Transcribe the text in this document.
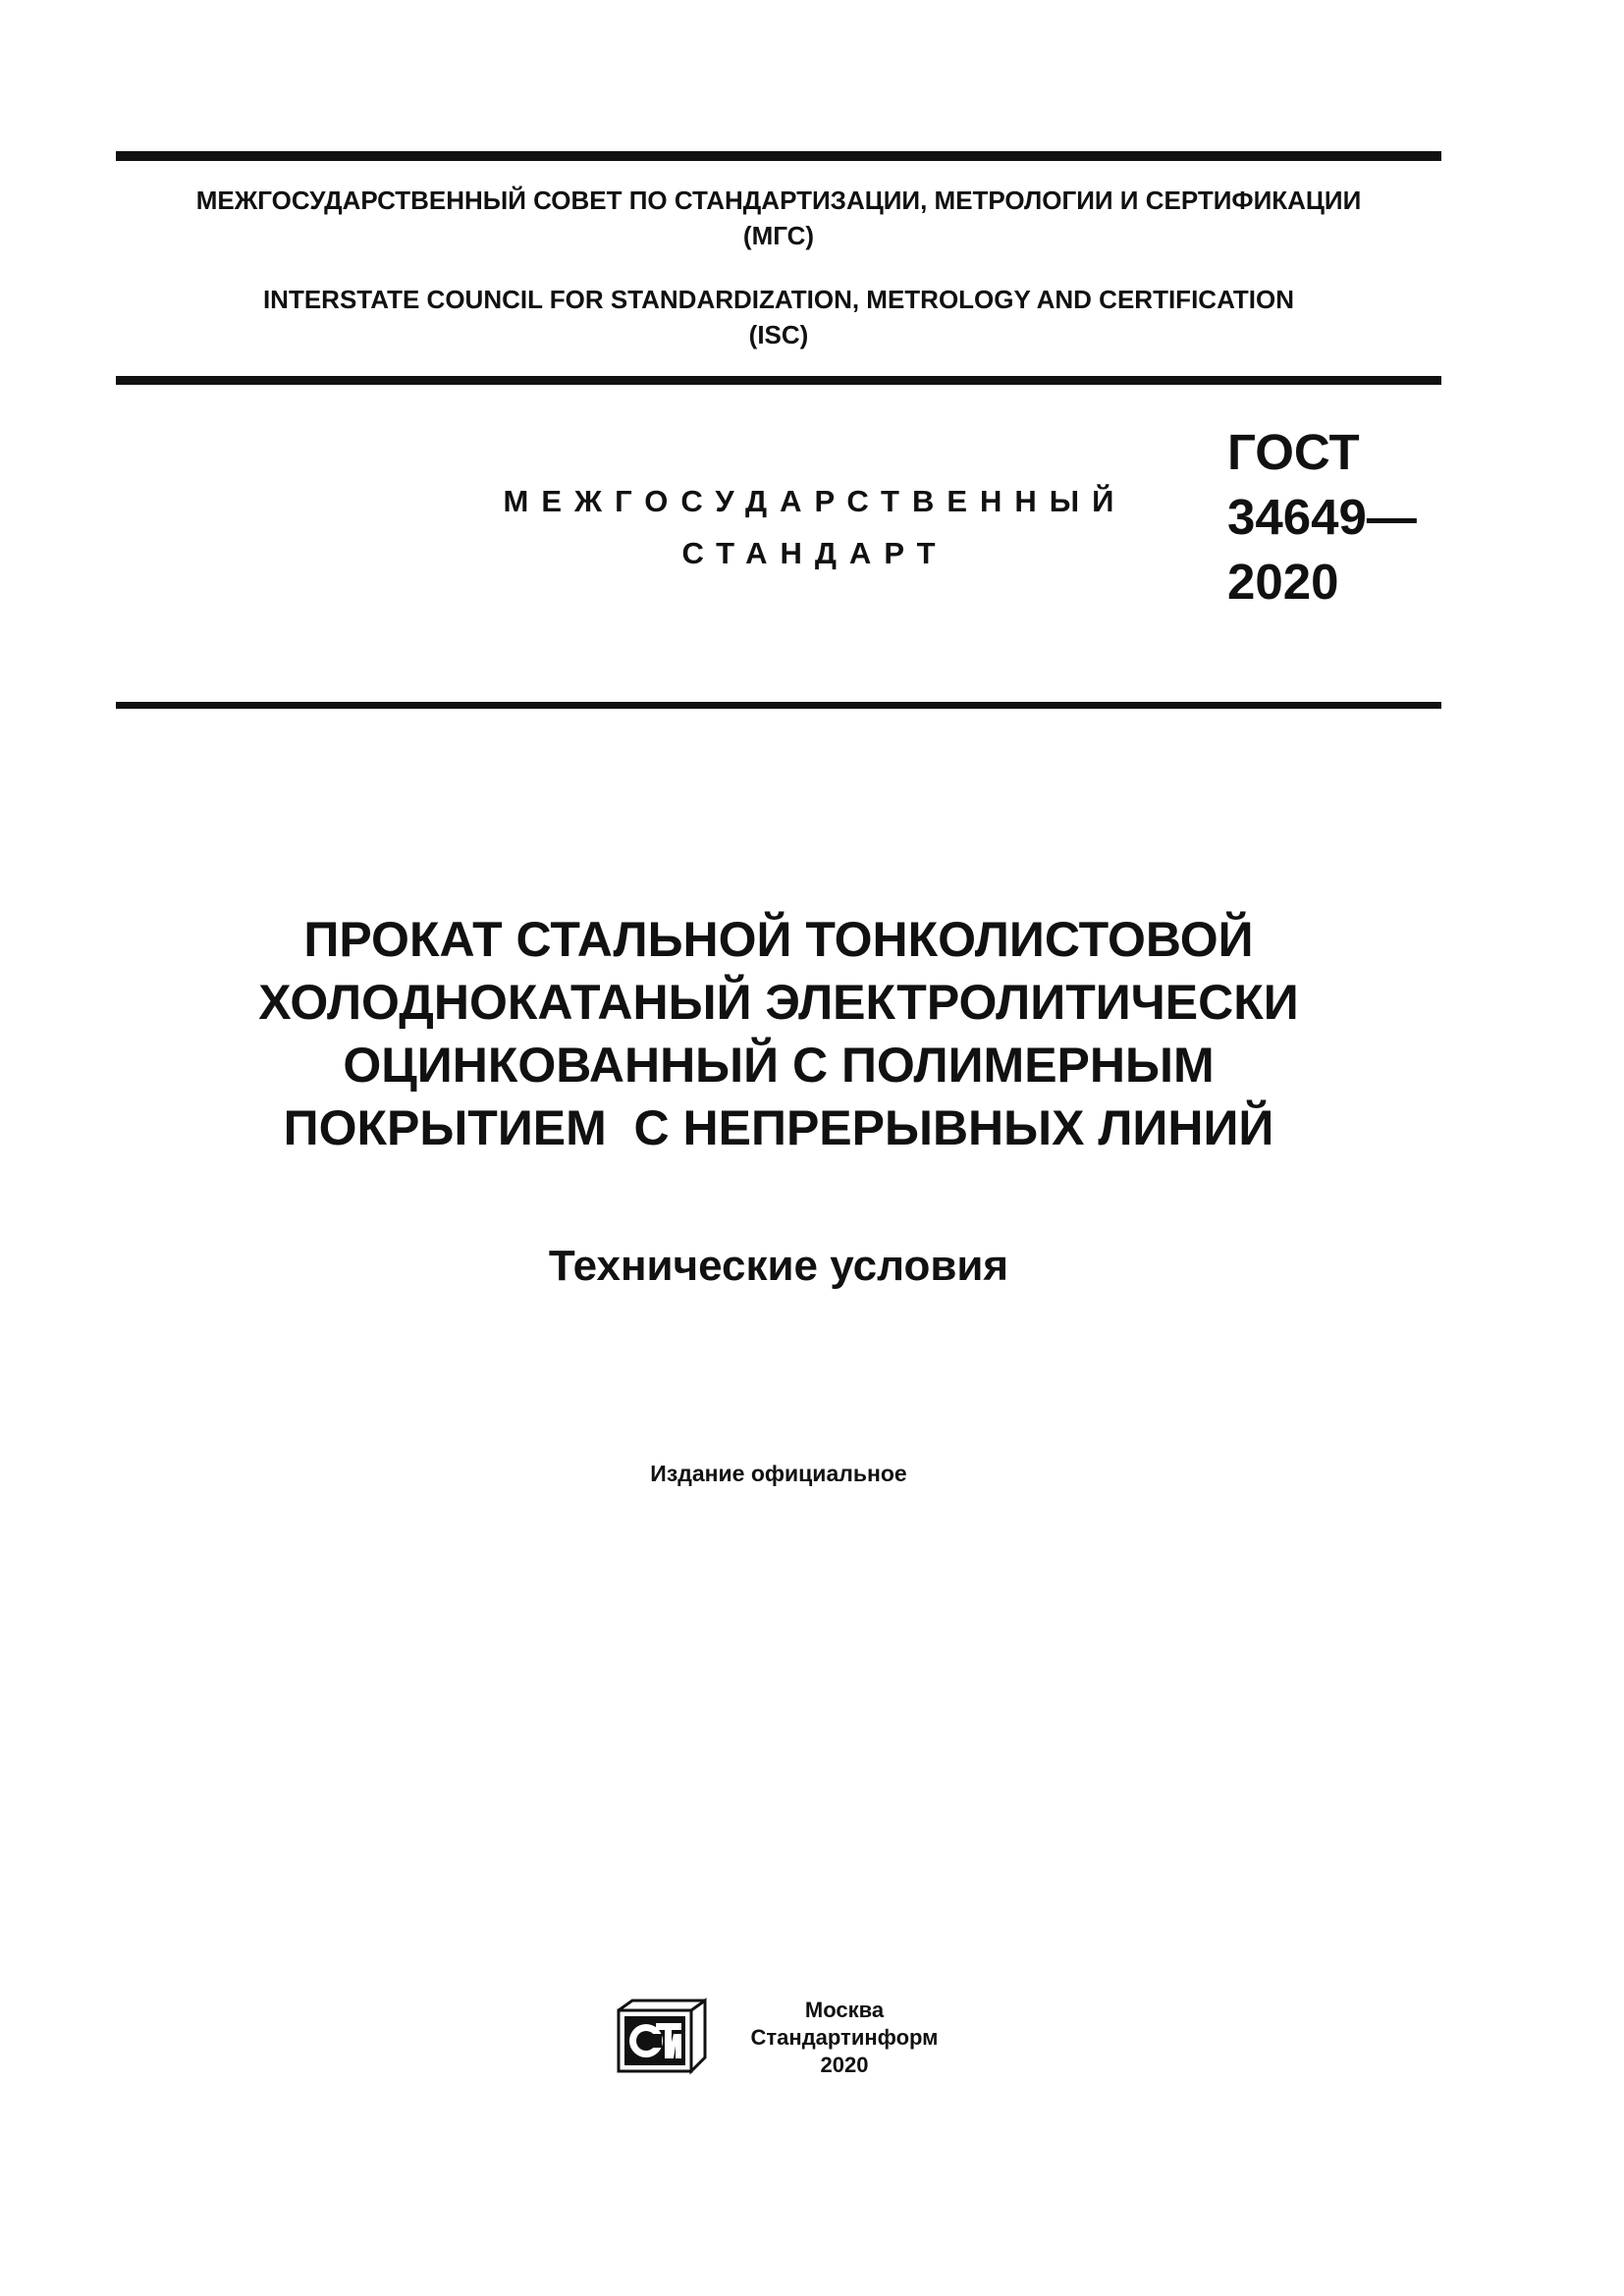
МЕЖГОСУДАРСТВЕННЫЙ СОВЕТ ПО СТАНДАРТИЗАЦИИ, МЕТРОЛОГИИ И СЕРТИФИКАЦИИ
(МГС)
INTERSTATE COUNCIL FOR STANDARDIZATION, METROLOGY AND CERTIFICATION
(ISC)
МЕЖГОСУДАРСТВЕННЫЙ
СТАНДАРТ
ГОСТ
34649—
2020
ПРОКАТ СТАЛЬНОЙ ТОНКОЛИСТОВОЙ
ХОЛОДНОКАТАНЫЙ ЭЛЕКТРОЛИТИЧЕСКИ
ОЦИНКОВАННЫЙ С ПОЛИМЕРНЫМ
ПОКРЫТИЕМ  С НЕПРЕРЫВНЫХ ЛИНИЙ
Технические условия
Издание официальное
Москва
Стандартинформ
2020
